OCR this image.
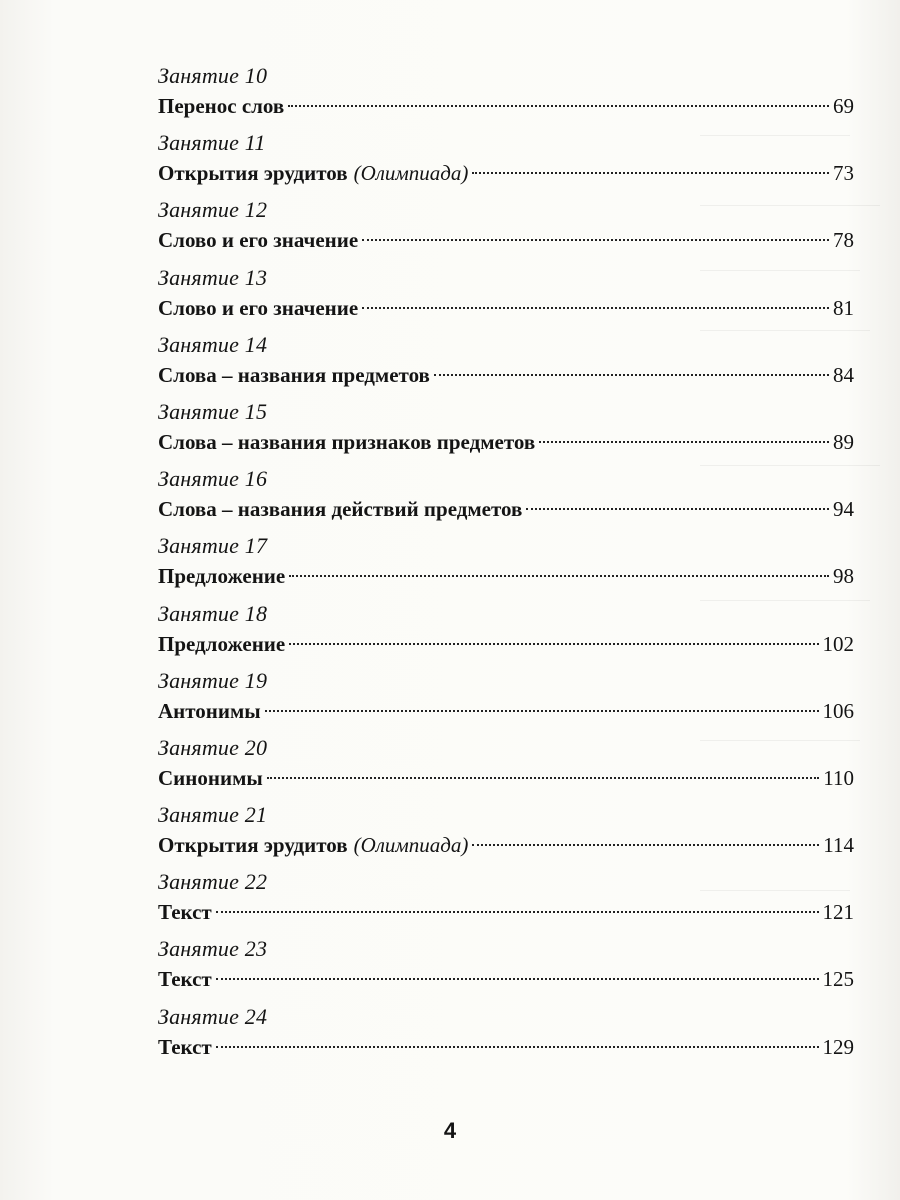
Занятие 10
Перенос слов	69
Занятие 11
Открытия эрудитов (Олимпиада)	73
Занятие 12
Слово и его значение	78
Занятие 13
Слово и его значение	81
Занятие 14
Слова – названия предметов	84
Занятие 15
Слова – названия признаков предметов	89
Занятие 16
Слова – названия действий предметов	94
Занятие 17
Предложение	98
Занятие 18
Предложение	102
Занятие 19
Антонимы	106
Занятие 20
Синонимы	110
Занятие 21
Открытия эрудитов (Олимпиада)	114
Занятие 22
Текст	121
Занятие 23
Текст	125
Занятие 24
Текст	129
4
